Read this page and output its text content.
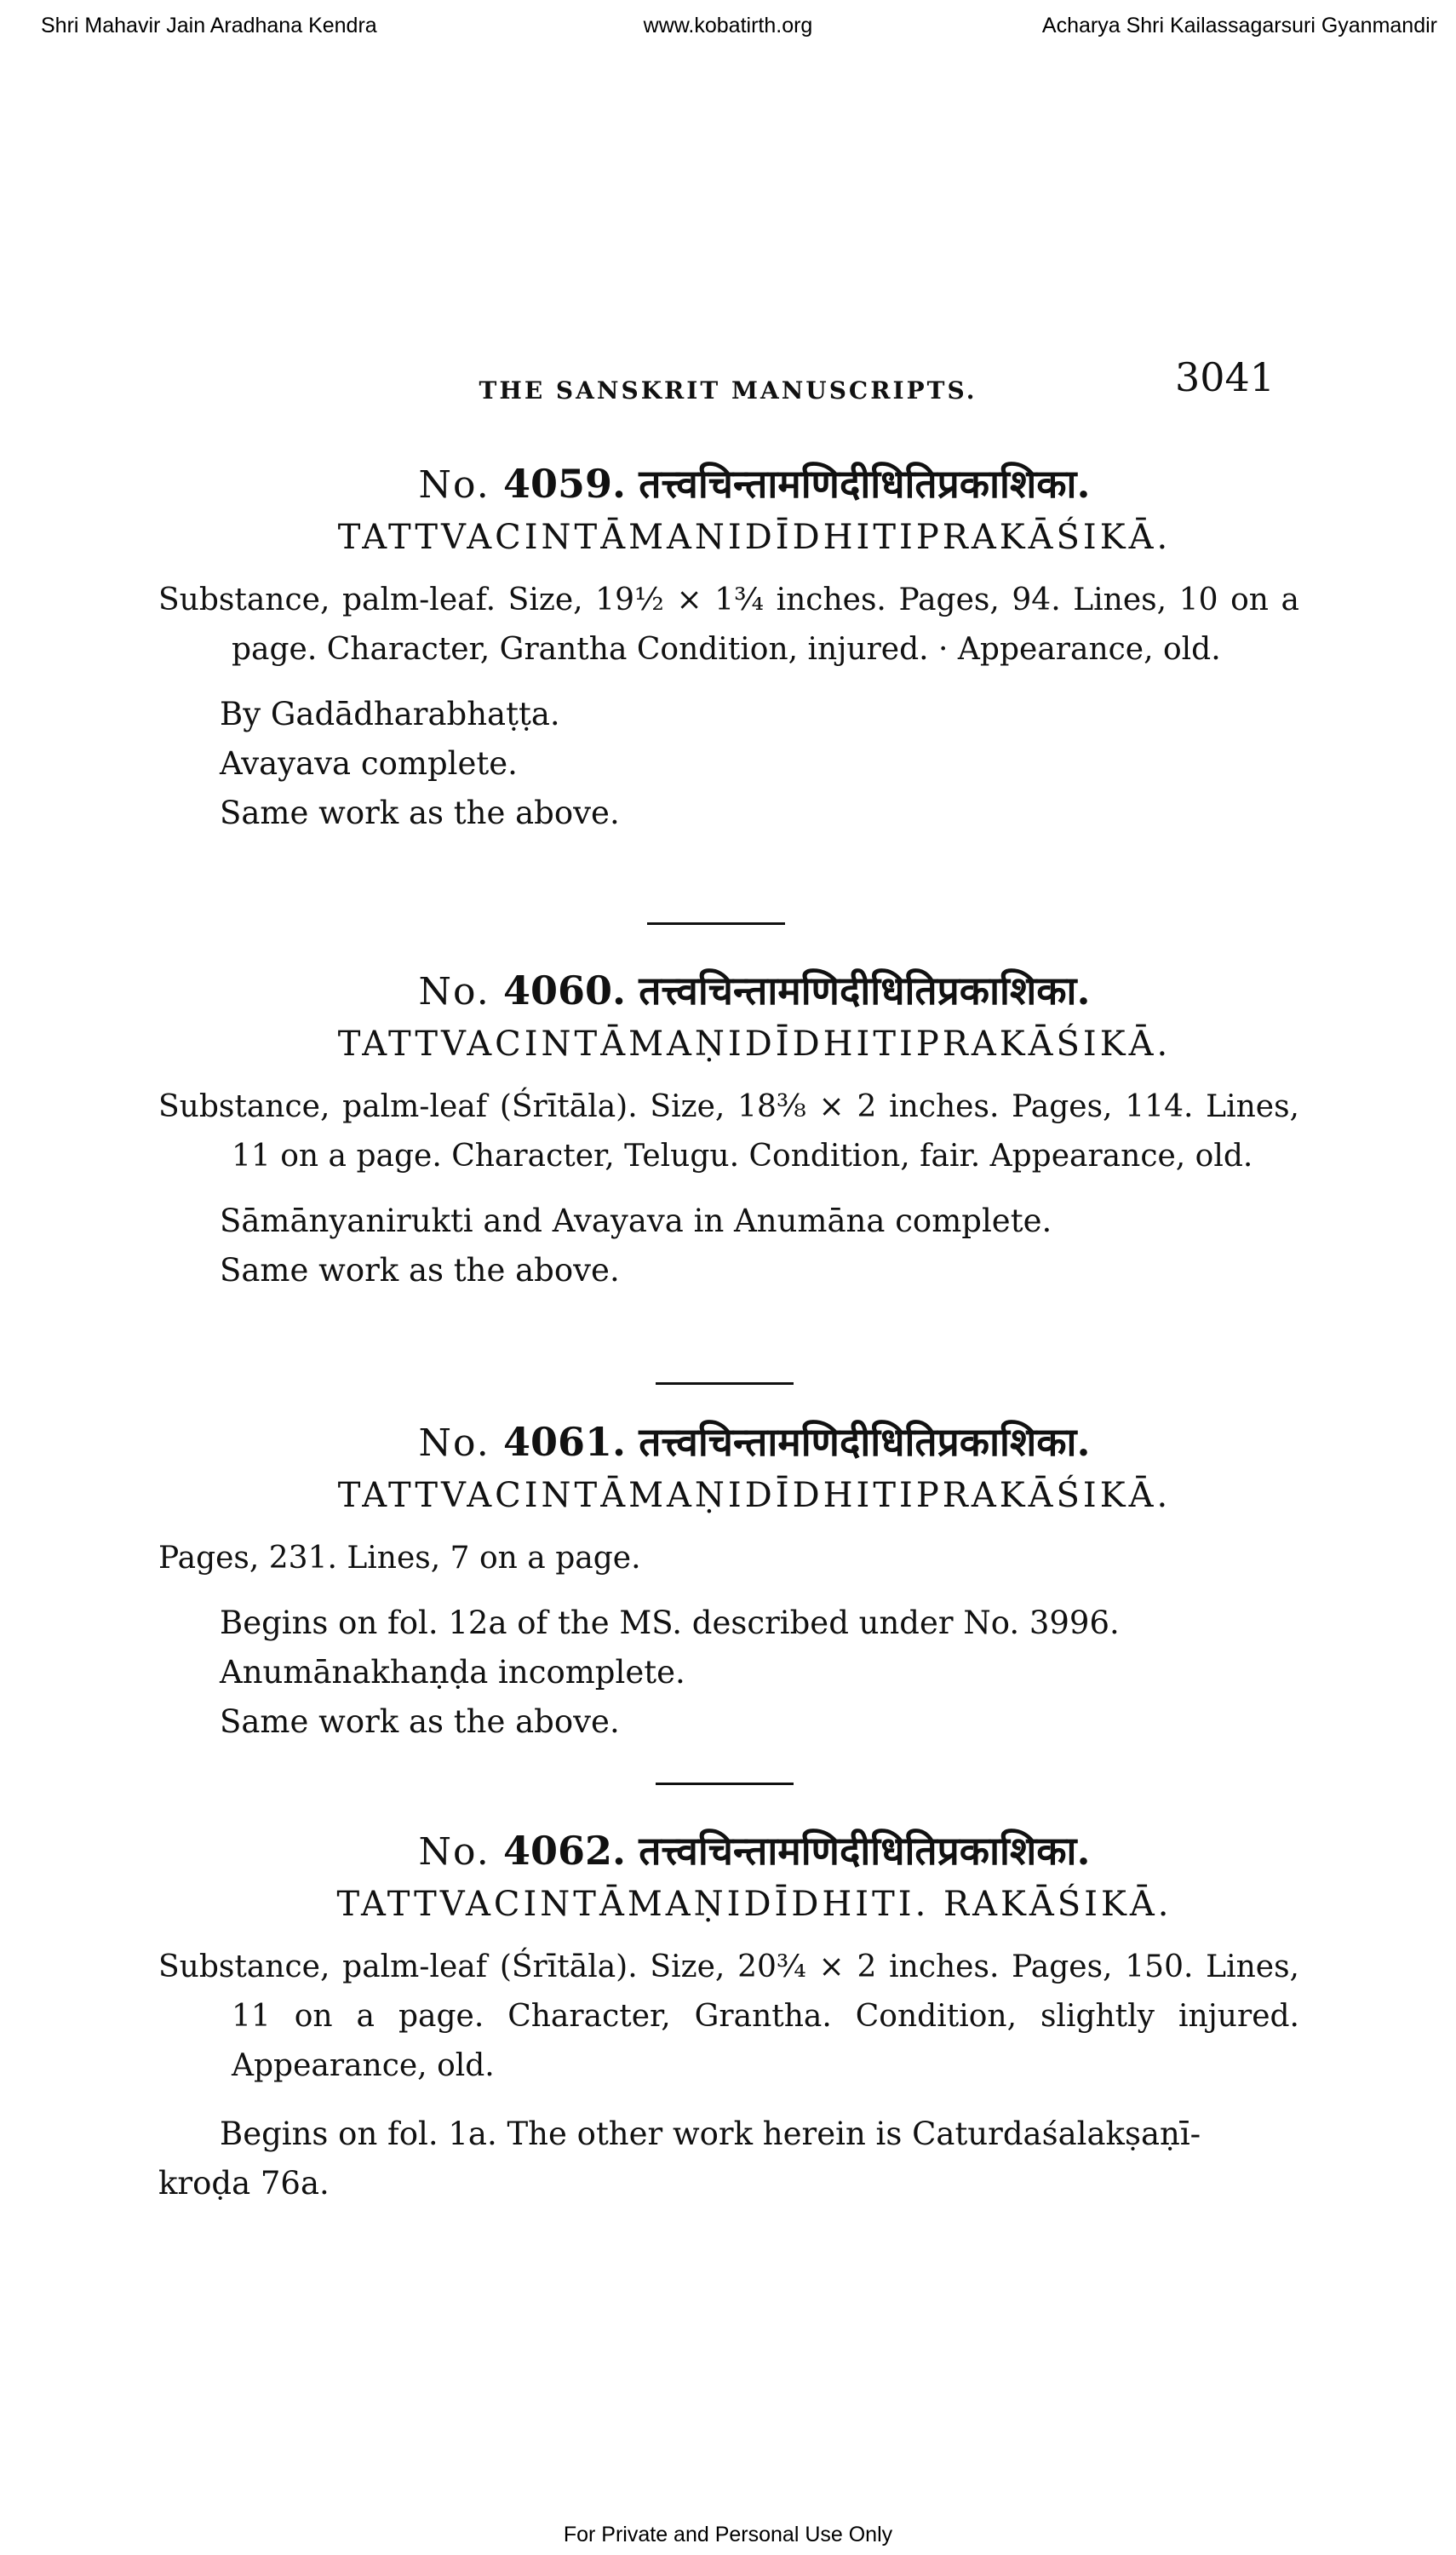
Shri Mahavir Jain Aradhana Kendra	www.kobatirth.org	Acharya Shri Kailassagarsuri Gyanmandir
THE SANSKRIT MANUSCRIPTS.	3041
No. 4059. तत्त्वचिन्तामणिदीधितिप्रकाशिका.
TATTVACINTĀMANIDĪDHITIPRAKĀŚIKĀ.
Substance, palm-leaf. Size, 19½ × 1¾ inches. Pages, 94. Lines, 10 on a page. Character, Grantha Condition, injured. · Appearance, old.
By Gadādharabhaṭṭa.
Avayava complete.
Same work as the above.
No. 4060. तत्त्वचिन्तामणिदीधितिप्रकाशिका.
TATTVACINTĀMAṆIDĪDHITIPRAKĀŚIKĀ.
Substance, palm-leaf (Śrītāla). Size, 18⅜ × 2 inches. Pages, 114. Lines, 11 on a page. Character, Telugu. Condition, fair. Appearance, old.
Sāmānyanirukti and Avayava in Anumāna complete.
Same work as the above.
No. 4061. तत्त्वचिन्तामणिदीधितिप्रकाशिका.
TATTVACINTĀMAṆIDĪDHITIPRAKĀŚIKĀ.
Pages, 231. Lines, 7 on a page.
Begins on fol. 12a of the MS. described under No. 3996.
Anumānakhaṇḍa incomplete.
Same work as the above.
No. 4062. तत्त्वचिन्तामणिदीधितिप्रकाशिका.
TATTVACINTĀMAṆIDĪDHITI. RAKĀŚIKĀ.
Substance, palm-leaf (Śrītāla). Size, 20¾ × 2 inches. Pages, 150. Lines, 11 on a page. Character, Grantha. Condition, slightly injured. Appearance, old.
Begins on fol. 1a. The other work herein is Caturdaśalakṣaṇī-
kroḍa 76a.
For Private and Personal Use Only
